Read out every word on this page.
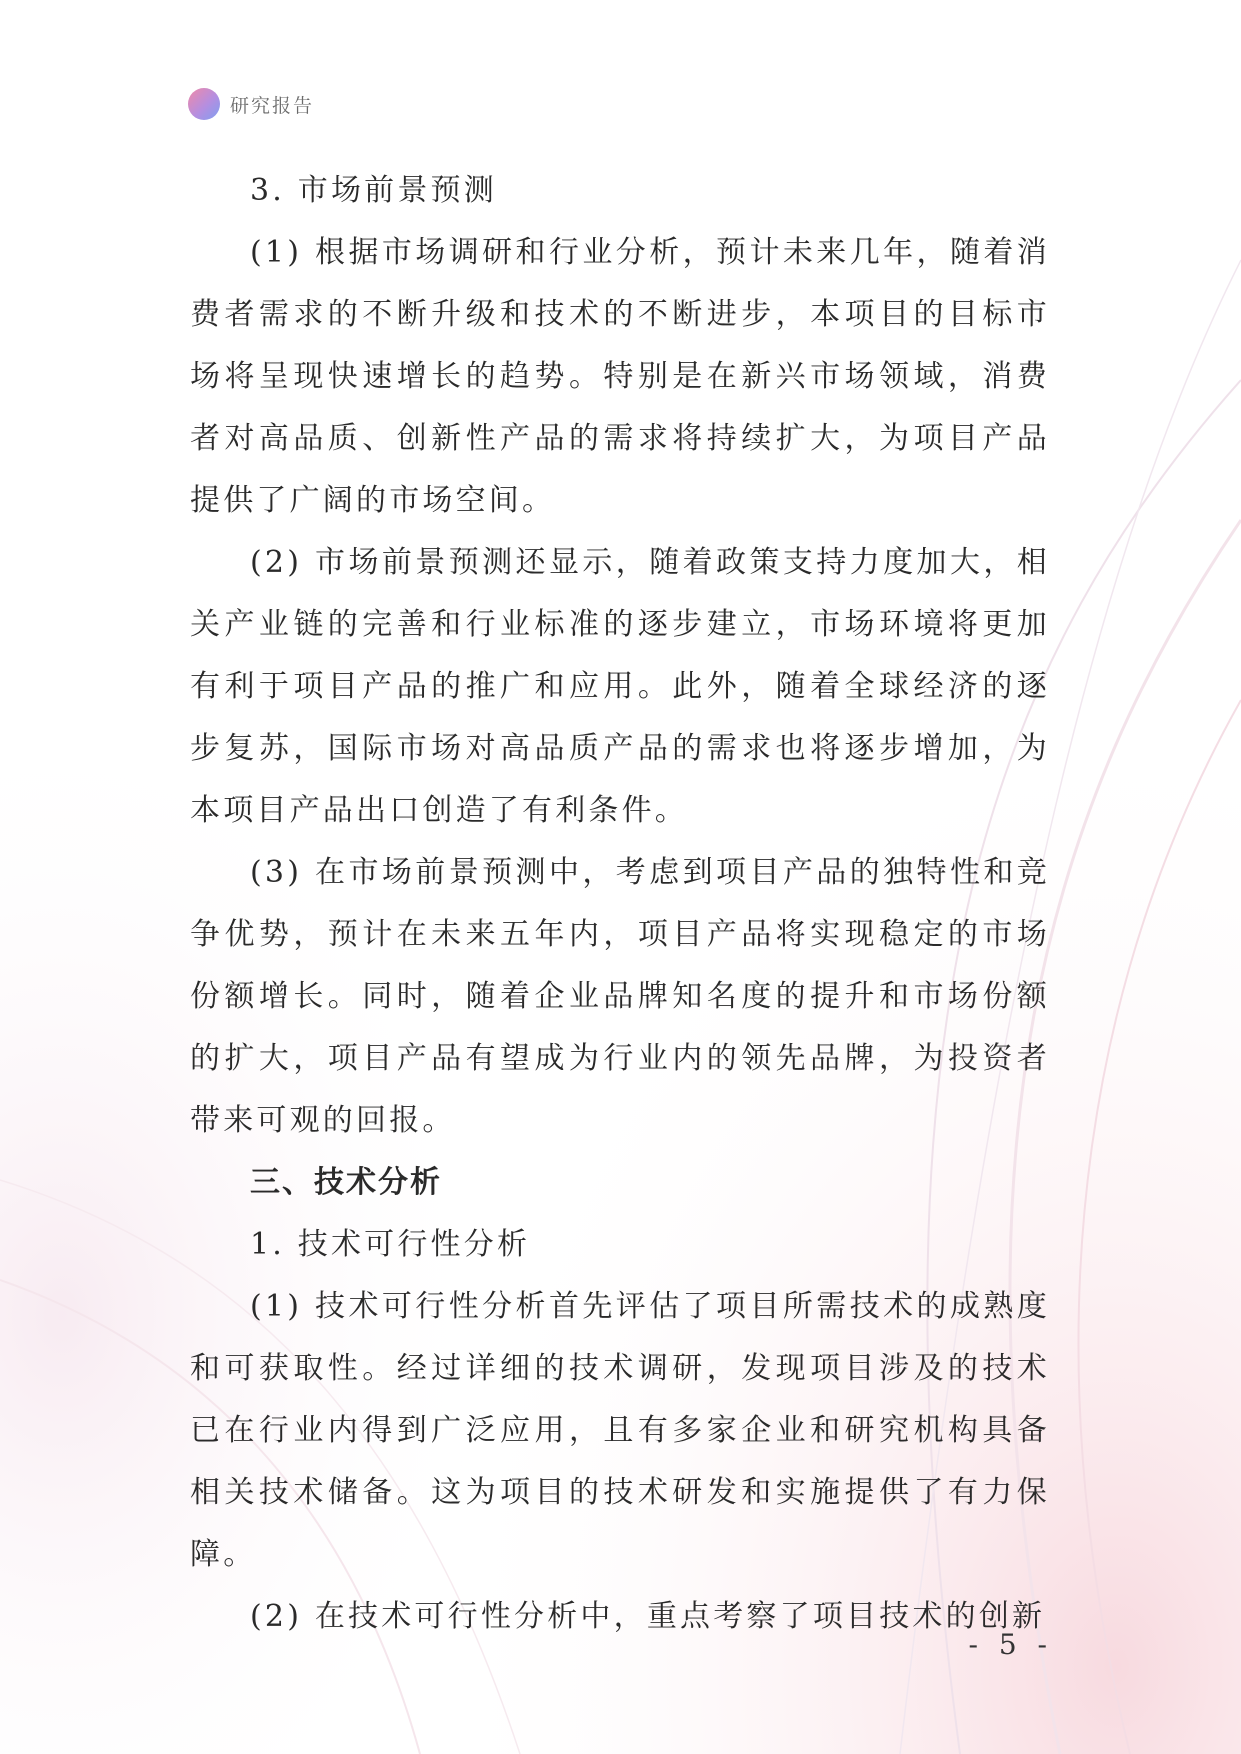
研究报告
3. 市场前景预测

(1) 根据市场调研和行业分析，预计未来几年，随着消费者需求的不断升级和技术的不断进步，本项目的目标市场将呈现快速增长的趋势。特别是在新兴市场领域，消费者对高品质、创新性产品的需求将持续扩大，为项目产品提供了广阔的市场空间。

(2) 市场前景预测还显示，随着政策支持力度加大，相关产业链的完善和行业标准的逐步建立，市场环境将更加有利于项目产品的推广和应用。此外，随着全球经济的逐步复苏，国际市场对高品质产品的需求也将逐步增加，为本项目产品出口创造了有利条件。

(3) 在市场前景预测中，考虑到项目产品的独特性和竞争优势，预计在未来五年内，项目产品将实现稳定的市场份额增长。同时，随着企业品牌知名度的提升和市场份额的扩大，项目产品有望成为行业内的领先品牌，为投资者带来可观的回报。

三、技术分析
1. 技术可行性分析

(1) 技术可行性分析首先评估了项目所需技术的成熟度和可获取性。经过详细的技术调研，发现项目涉及的技术已在行业内得到广泛应用，且有多家企业和研究机构具备相关技术储备。这为项目的技术研发和实施提供了有力保障。

(2) 在技术可行性分析中，重点考察了项目技术的创新

- 5 -
